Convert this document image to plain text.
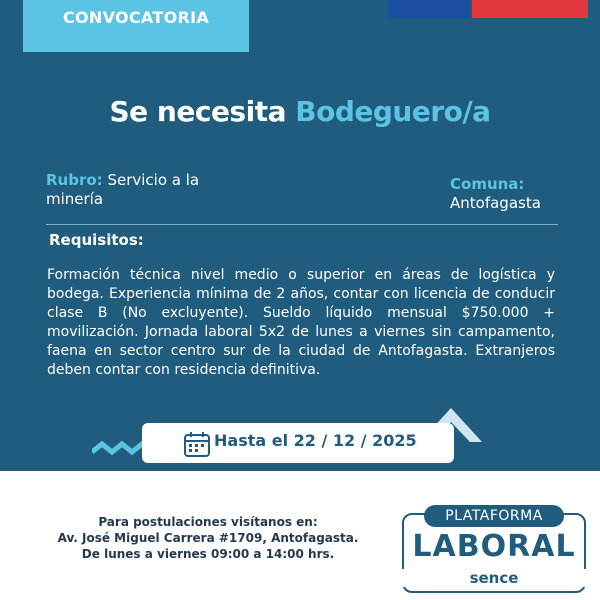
CONVOCATORIA
Se necesita Bodeguero/a
Rubro: Servicio a la minería
Comuna:
Antofagasta
Requisitos:
Formación técnica nivel medio o superior en áreas de logística y bodega. Experiencia mínima de 2 años, contar con licencia de conducir clase B (No excluyente). Sueldo líquido mensual $750.000 + movilización. Jornada laboral 5x2 de lunes a viernes sin campamento, faena en sector centro sur de la ciudad de Antofagasta. Extranjeros deben contar con residencia definitiva.
Hasta el 22 / 12 / 2025
Para postulaciones visítanos en:
Av. José Miguel Carrera #1709, Antofagasta.
De lunes a viernes 09:00 a 14:00 hrs.
PLATAFORMA
LABORAL
sence
